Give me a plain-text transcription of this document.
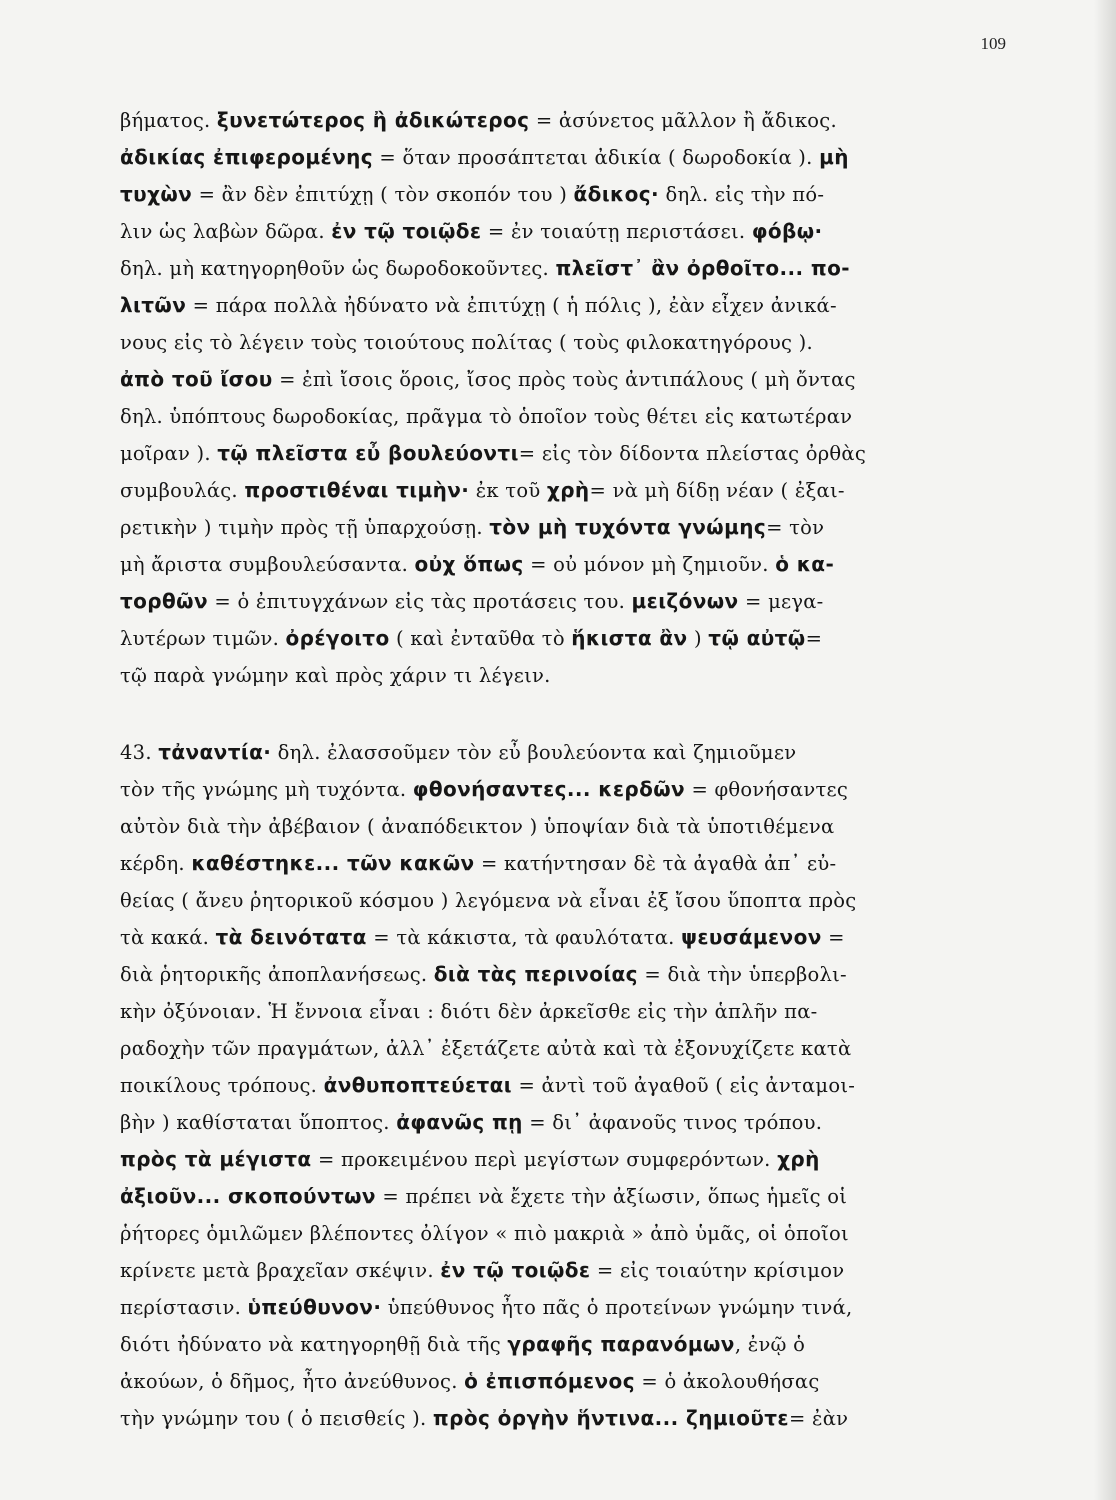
109
βήματος. ξυνετώτερος ἢ ἀδικώτερος = ἀσύνετος μᾶλλον ἢ ἄδικος.
ἀδικίας ἐπιφερομένης = ὅταν προσάπτεται ἀδικία ( δωροδοκία ). μὴ
τυχὼν = ἂν δὲν ἐπιτύχῃ ( τὸν σκοπόν του ) ἄδικος· δηλ. εἰς τὴν πό-
λιν ὡς λαβὼν δῶρα. ἐν τῷ τοιῷδε = ἐν τοιαύτῃ περιστάσει. φόβῳ·
δηλ. μὴ κατηγορηθοῦν ὡς δωροδοκοῦντες. πλεῖστ᾽ ἂν ὀρθοῖτο... πο-
λιτῶν = πάρα πολλὰ ἠδύνατο νὰ ἐπιτύχῃ ( ἡ πόλις ), ἐὰν εἶχεν ἀνικά-
νους εἰς τὸ λέγειν τοὺς τοιούτους πολίτας ( τοὺς φιλοκατηγόρους ).
ἀπὸ τοῦ ἴσου = ἐπὶ ἴσοις ὅροις, ἴσος πρὸς τοὺς ἀντιπάλους ( μὴ ὄντας
δηλ. ὑπόπτους δωροδοκίας, πρᾶγμα τὸ ὁποῖον τοὺς θέτει εἰς κατωτέραν
μοῖραν ). τῷ πλεῖστα εὖ βουλεύοντι= εἰς τὸν δίδοντα πλείστας ὀρθὰς
συμβουλάς. προστιθέναι τιμὴν· ἐκ τοῦ χρὴ= νὰ μὴ δίδῃ νέαν ( ἐξαι-
ρετικὴν ) τιμὴν πρὸς τῇ ὑπαρχούσῃ. τὸν μὴ τυχόντα γνώμης= τὸν
μὴ ἄριστα συμβουλεύσαντα. οὐχ ὅπως = οὐ μόνον μὴ ζημιοῦν. ὁ κα-
τορθῶν = ὁ ἐπιτυγχάνων εἰς τὰς προτάσεις του. μειζόνων = μεγα-
λυτέρων τιμῶν. ὀρέγοιτο ( καὶ ἐνταῦθα τὸ ἥκιστα ἂν ) τῷ αὐτῷ=
τῷ παρὰ γνώμην καὶ πρὸς χάριν τι λέγειν.
43. τἀναντία· δηλ. ἐλασσοῦμεν τὸν εὖ βουλεύοντα καὶ ζημιοῦμεν
τὸν τῆς γνώμης μὴ τυχόντα. φθονήσαντες... κερδῶν = φθονήσαντες
αὐτὸν διὰ τὴν ἀβέβαιον ( ἀναπόδεικτον ) ὑποψίαν διὰ τὰ ὑποτιθέμενα
κέρδη. καθέστηκε... τῶν κακῶν = κατήντησαν δὲ τὰ ἀγαθὰ ἀπ᾽ εὐ-
θείας ( ἄνευ ῥητορικοῦ κόσμου ) λεγόμενα νὰ εἶναι ἐξ ἴσου ὕποπτα πρὸς
τὰ κακά. τὰ δεινότατα = τὰ κάκιστα, τὰ φαυλότατα. ψευσάμενον =
διὰ ῥητορικῆς ἀποπλανήσεως. διὰ τὰς περινοίας = διὰ τὴν ὑπερβολι-
κὴν ὀξύνοιαν. Ἡ ἔννοια εἶναι : διότι δὲν ἀρκεῖσθε εἰς τὴν ἁπλῆν πα-
ραδοχὴν τῶν πραγμάτων, ἀλλ᾽ ἐξετάζετε αὐτὰ καὶ τὰ ἐξονυχίζετε κατὰ
ποικίλους τρόπους. ἀνθυποπτεύεται = ἀντὶ τοῦ ἀγαθοῦ ( εἰς ἀνταμοι-
βὴν ) καθίσταται ὕποπτος. ἀφανῶς πῃ = δι᾽ ἀφανοῦς τινος τρόπου.
πρὸς τὰ μέγιστα = προκειμένου περὶ μεγίστων συμφερόντων. χρὴ
ἀξιοῦν... σκοπούντων = πρέπει νὰ ἔχετε τὴν ἀξίωσιν, ὅπως ἡμεῖς οἱ
ῥήτορες ὁμιλῶμεν βλέποντες ὀλίγον « πιὸ μακριὰ » ἀπὸ ὑμᾶς, οἱ ὁποῖοι
κρίνετε μετὰ βραχεῖαν σκέψιν. ἐν τῷ τοιῷδε = εἰς τοιαύτην κρίσιμον
περίστασιν. ὑπεύθυνον· ὑπεύθυνος ἦτο πᾶς ὁ προτείνων γνώμην τινά,
διότι ἠδύνατο νὰ κατηγορηθῇ διὰ τῆς γραφῆς παρανόμων, ἐνῷ ὁ
ἀκούων, ὁ δῆμος, ἦτο ἀνεύθυνος. ὁ ἐπισπόμενος = ὁ ἀκολουθήσας
τὴν γνώμην του ( ὁ πεισθείς ). πρὸς ὀργὴν ἥντινα... ζημιοῦτε= ἐὰν
